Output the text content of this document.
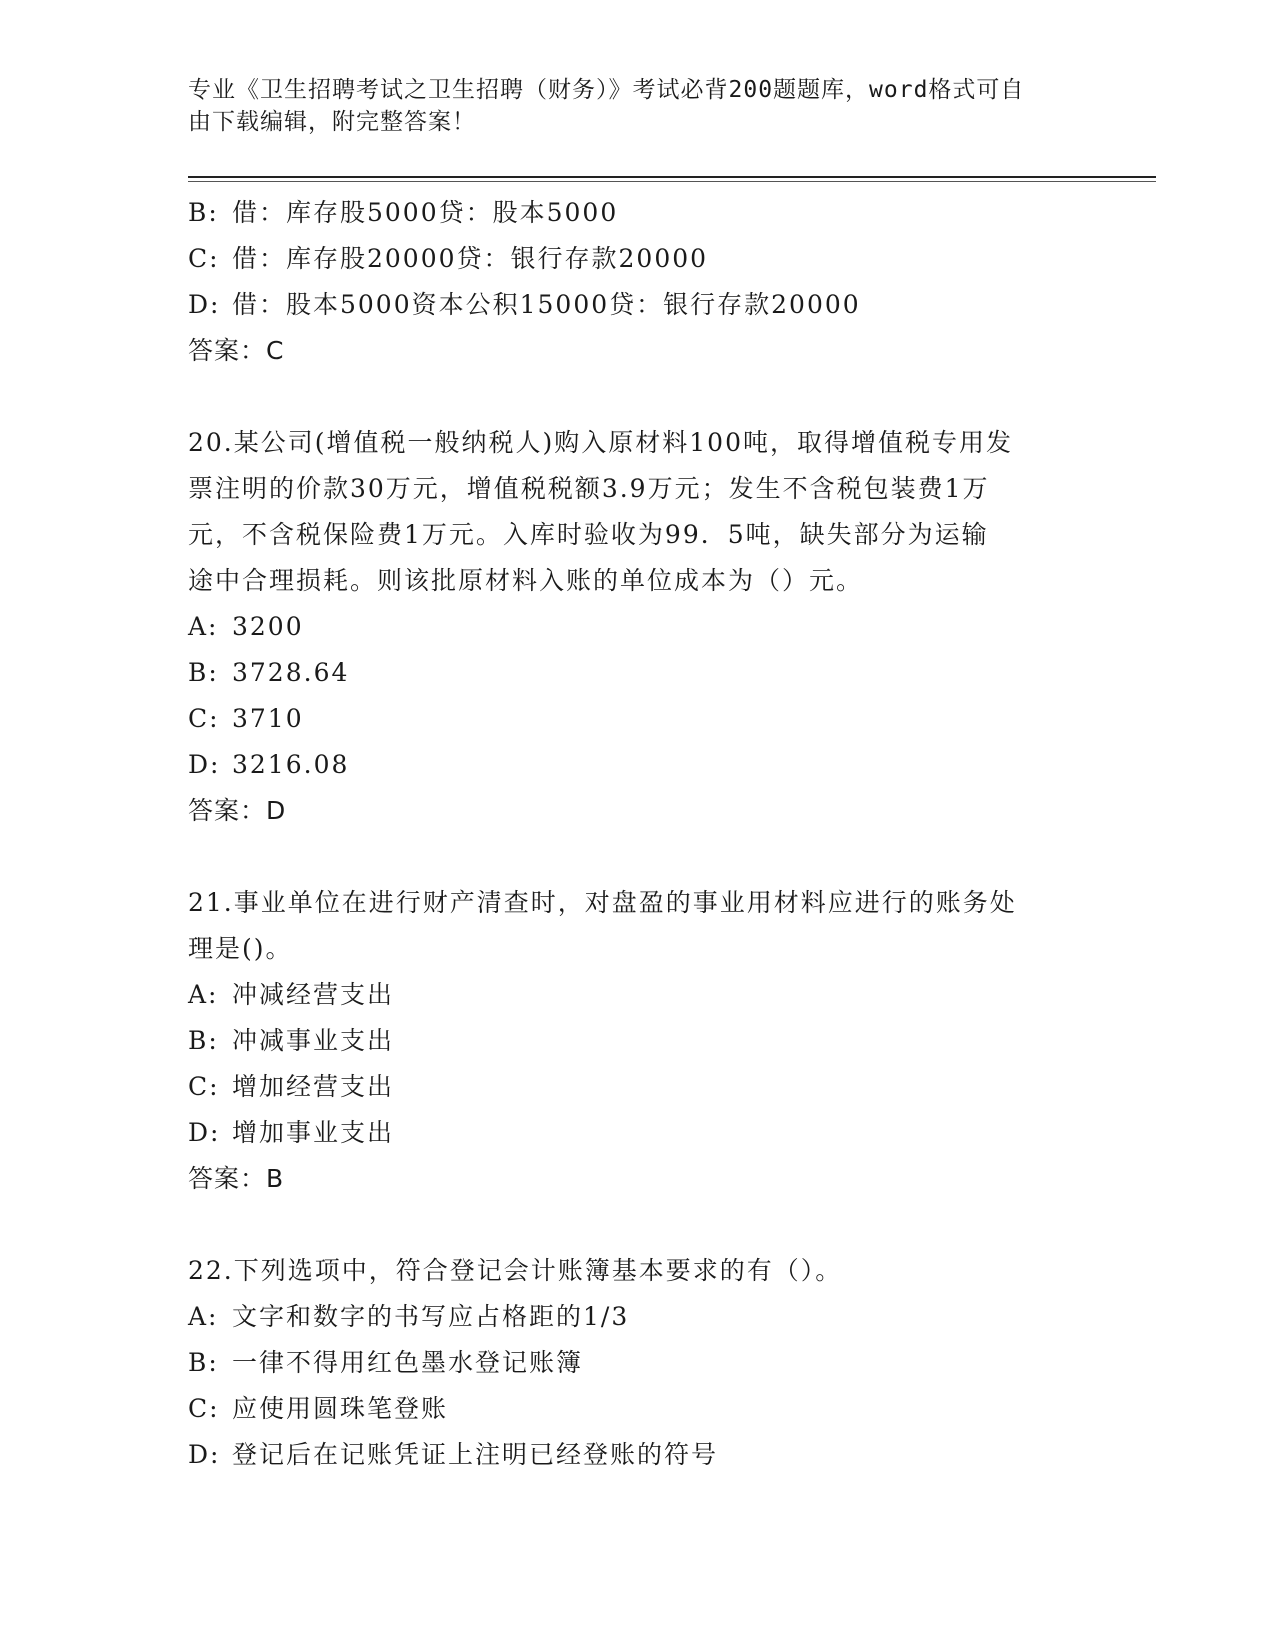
专业《卫生招聘考试之卫生招聘（财务）》考试必背200题题库，word格式可自
由下载编辑，附完整答案！
B: 借：库存股5000贷：股本5000
C: 借：库存股20000贷：银行存款20000
D: 借：股本5000资本公积15000贷：银行存款20000
答案：C
20.某公司(增值税一般纳税人)购入原材料100吨，取得增值税专用发
票注明的价款30万元，增值税税额3.9万元；发生不含税包装费1万
元，不含税保险费1万元。入库时验收为99．5吨，缺失部分为运输
途中合理损耗。则该批原材料入账的单位成本为（）元。
A: 3200
B: 3728.64
C: 3710
D: 3216.08
答案：D
21.事业单位在进行财产清查时，对盘盈的事业用材料应进行的账务处
理是()。
A: 冲减经营支出
B: 冲减事业支出
C: 增加经营支出
D: 增加事业支出
答案：B
22.下列选项中，符合登记会计账簿基本要求的有（）。
A: 文字和数字的书写应占格距的1/3
B: 一律不得用红色墨水登记账簿
C: 应使用圆珠笔登账
D: 登记后在记账凭证上注明已经登账的符号
